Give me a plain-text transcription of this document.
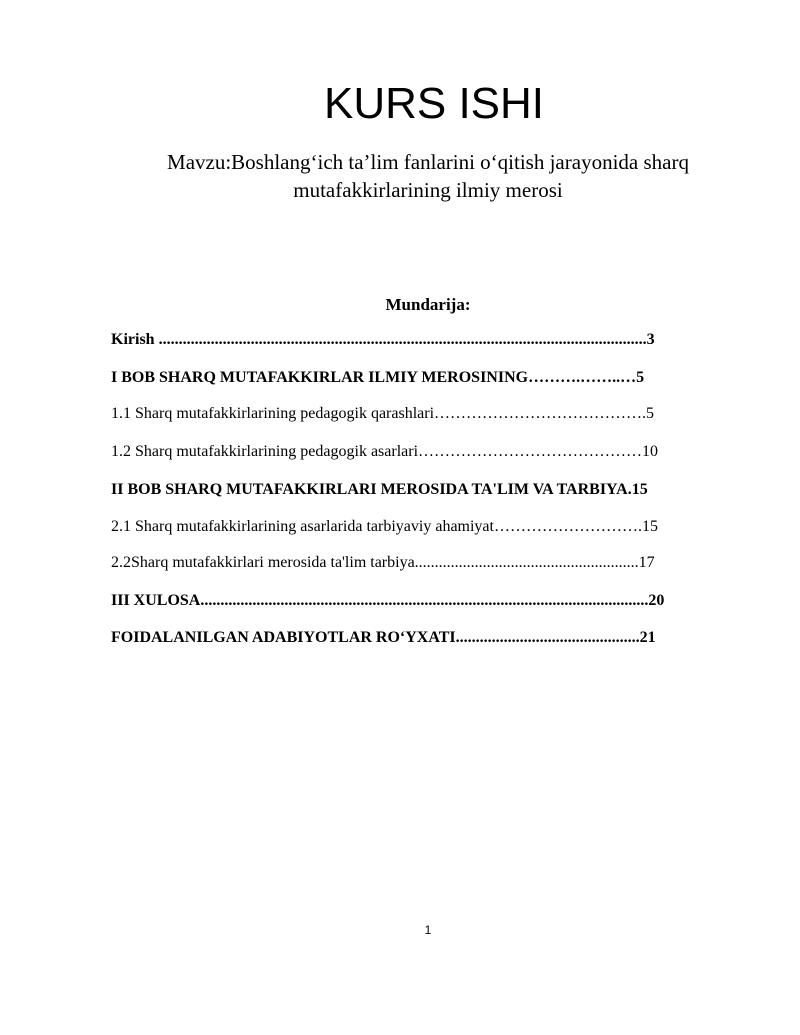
KURS ISHI

Mavzu:Boshlang‘ich ta’lim fanlarini o‘qitish jarayonida sharq
mutafakkirlarining ilmiy merosi

Mundarija:
Kirish ..........................................................................................................................3
I BOB SHARQ MUTAFAKKIRLAR ILMIY MEROSINING……….……..…5
1.1 Sharq mutafakkirlarining pedagogik qarashlari………………………………….5
1.2 Sharq mutafakkirlarining pedagogik asarlari……………………………………10
II BOB SHARQ MUTAFAKKIRLARI MEROSIDA TA'LIM VA TARBIYA.15
2.1 Sharq mutafakkirlarining asarlarida tarbiyaviy ahamiyat……………………….15
2.2Sharq mutafakkirlari merosida ta'lim tarbiya........................................................17
III XULOSA................................................................................................................20
FOIDALANILGAN ADABIYOTLAR RO‘YXATI..............................................21
1
